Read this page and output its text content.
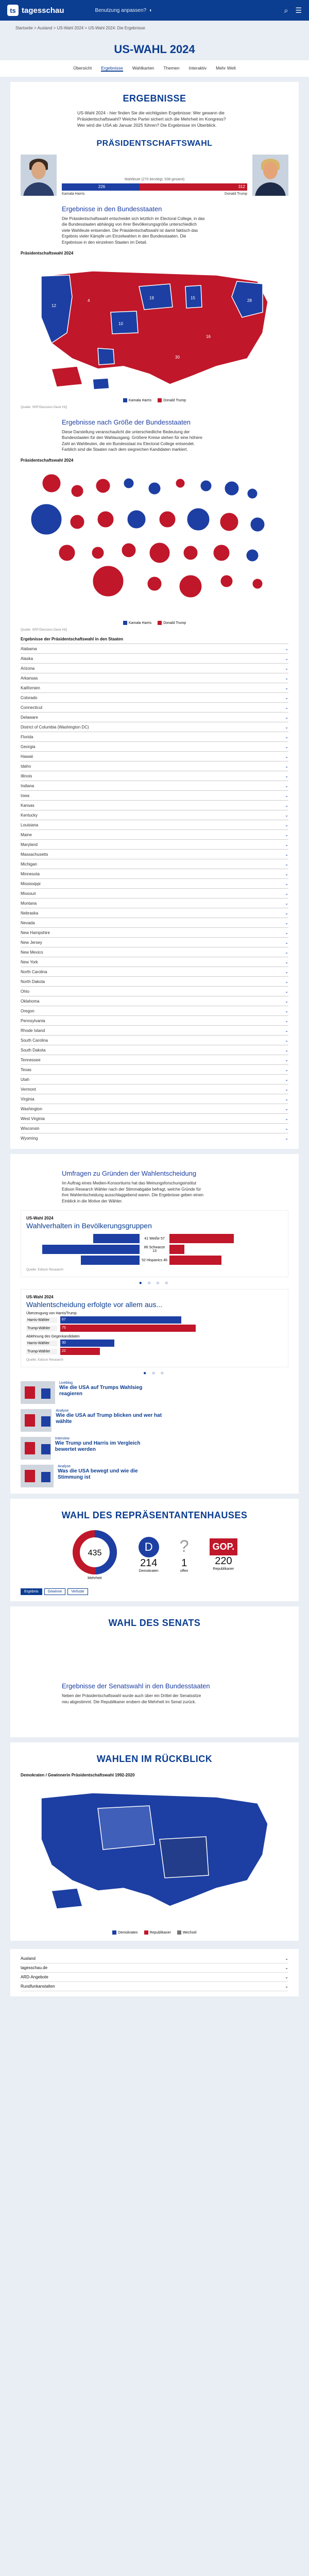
ts tagesschau	Benutzung anpassen? ◐	⌕ ☰
Startseite > Ausland > US-Wahl 2024 > US-Wahl 2024: Die Ergebnisse
US-WAHL 2024
Übersicht Ergebnisse Wahlkarten Themen Interaktiv Mehr Welt
ERGEBNISSE
US-Wahl 2024 - hier finden Sie die wichtigsten Ergebnisse: Wer gewann die Präsidentschaftswahl? Welche Partei sichert sich die Mehrheit im Kongress? Wer wird die USA ab Januar 2025 führen? Die Ergebnisse im Überblick.
PRÄSIDENTSCHAFTSWAHL
Wahlleute (270 benötigt, 538 gesamt)
226	312
Kamala Harris	Donald Trump
Ergebnisse in den Bundesstaaten
Die Präsidentschaftswahl entscheidet sich letztlich im Electoral College, in das die Bundesstaaten abhängig von ihrer Bevölkerungsgröße unterschiedlich viele Wahlleute entsenden. Die Präsidentschaftswahl ist damit faktisch das Ergebnis vieler Kämpfe um Einzelwahlen in den Bundesstaaten. Die Ergebnisse in den einzelnen Staaten im Detail.
Präsidentschaftswahl 2024
12
10
19	15
28
30
4
16
Kamala Harris	Donald Trump
Quelle: SRF/Decision Desk HQ
Ergebnisse nach Größe der Bundesstaaten
Diese Darstellung veranschaulicht die unterschiedliche Bedeutung der Bundesstaaten für den Wahlausgang. Größere Kreise stehen für eine höhere Zahl an Wahlleuten, die ein Bundesstaat ins Electoral College entsendet. Farblich sind die Staaten nach dem siegreichen Kandidaten markiert.
Präsidentschaftswahl 2024
Kamala Harris	Donald Trump
Quelle: SRF/Decision Desk HQ
Ergebnisse der Präsidentschaftswahl in den Staaten
Alabama	⌄
Alaska	⌄
Arizona	⌄
Arkansas	⌄
Kalifornien	⌄
Colorado	⌄
Connecticut	⌄
Delaware	⌄
District of Columbia (Washington DC)	⌄
Florida	⌄
Georgia	⌄
Hawaii	⌄
Idaho	⌄
Illinois	⌄
Indiana	⌄
Iowa	⌄
Kansas	⌄
Kentucky	⌄
Louisiana	⌄
Maine	⌄
Maryland	⌄
Massachusetts	⌄
Michigan	⌄
Minnesota	⌄
Mississippi	⌄
Missouri	⌄
Montana	⌄
Nebraska	⌄
Nevada	⌄
New Hampshire	⌄
New Jersey	⌄
New Mexico	⌄
New York	⌄
North Carolina	⌄
North Dakota	⌄
Ohio	⌄
Oklahoma	⌄
Oregon	⌄
Pennsylvania	⌄
Rhode Island	⌄
South Carolina	⌄
South Dakota	⌄
Tennessee	⌄
Texas	⌄
Utah	⌄
Vermont	⌄
Virginia	⌄
Washington	⌄
West Virginia	⌄
Wisconsin	⌄
Wyoming	⌄
Umfragen zu Gründen der Wahlentscheidung
Im Auftrag eines Medien-Konsortiums hat das Meinungsforschungsinstitut Edison Research Wähler nach der Stimmabgabe befragt, welche Gründe für ihre Wahlentscheidung ausschlaggebend waren. Die Ergebnisse geben einen Einblick in die Motive der Wähler.
US-Wahl 2024
Wahlverhalten in Bevölkerungsgruppen
41 Weiße 57
86 Schwarze 13
52 Hispanics 46
Quelle: Edison Research
● ○ ○ ○
US-Wahl 2024
Wahlentscheidung erfolgte vor allem aus...
Überzeugung von Harris/Trump
Harris-Wähler	67
Trump-Wähler	75
Ablehnung des Gegenkandidaten
Harris-Wähler	30
Trump-Wähler	22
Quelle: Edison Research
● ○ ○
Liveblog
Wie die USA auf Trumps Wahlsieg reagieren
Analyse
Wie die USA auf Trump blicken und wer hat wählte
Interview
Wie Trump und Harris im Vergleich bewertet werden
Analyse
Was die USA bewegt und wie die Stimmung ist
WAHL DES REPRÄSENTANTENHAUSES
435
Mehrheit
D
214
Demokraten
?
1
offen
GOP.
220
Republikaner
Ergebnis	Gewinne	Verluste
WAHL DES SENATS
Ergebnisse der Senatswahl in den Bundesstaaten
Neben der Präsidentschaftswahl wurde auch über ein Drittel der Senatssitze neu abgestimmt. Die Republikaner erobern die Mehrheit im Senat zurück.
WAHLEN IM RÜCKBLICK
Demokraten / Gewinnerin Präsidentschaftswahl 1992-2020
Demokraten	Republikaner	Wechsel
Ausland	⌄
tagesschau.de	⌄
ARD-Angebote	⌄
Rundfunkanstalten	⌄
